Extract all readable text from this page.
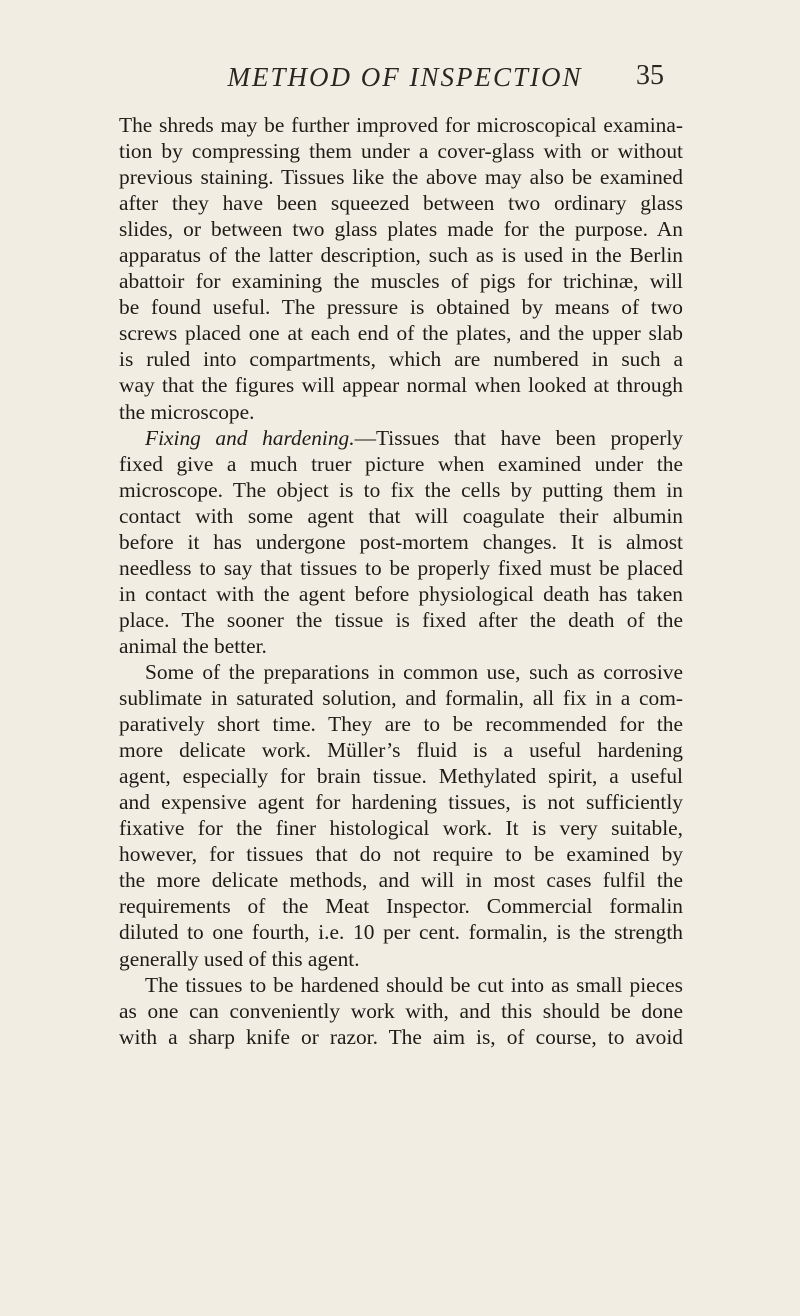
METHOD OF INSPECTION	35
The shreds may be further improved for microscopical examina-
tion by compressing them under a cover-glass with or without
previous staining. Tissues like the above may also be examined
after they have been squeezed between two ordinary glass
slides, or between two glass plates made for the purpose. An
apparatus of the latter description, such as is used in the Berlin
abattoir for examining the muscles of pigs for trichinæ, will
be found useful. The pressure is obtained by means of two
screws placed one at each end of the plates, and the upper slab
is ruled into compartments, which are numbered in such a
way that the figures will appear normal when looked at through
the microscope.
Fixing and hardening.—Tissues that have been properly
fixed give a much truer picture when examined under the
microscope. The object is to fix the cells by putting them in
contact with some agent that will coagulate their albumin
before it has undergone post-mortem changes. It is almost
needless to say that tissues to be properly fixed must be placed
in contact with the agent before physiological death has taken
place. The sooner the tissue is fixed after the death of the
animal the better.
Some of the preparations in common use, such as corrosive
sublimate in saturated solution, and formalin, all fix in a com-
paratively short time. They are to be recommended for the
more delicate work. Müller’s fluid is a useful hardening
agent, especially for brain tissue. Methylated spirit, a useful
and expensive agent for hardening tissues, is not sufficiently
fixative for the finer histological work. It is very suitable,
however, for tissues that do not require to be examined by
the more delicate methods, and will in most cases fulfil the
requirements of the Meat Inspector. Commercial formalin
diluted to one fourth, i.e. 10 per cent. formalin, is the strength
generally used of this agent.
The tissues to be hardened should be cut into as small pieces
as one can conveniently work with, and this should be done
with a sharp knife or razor. The aim is, of course, to avoid
